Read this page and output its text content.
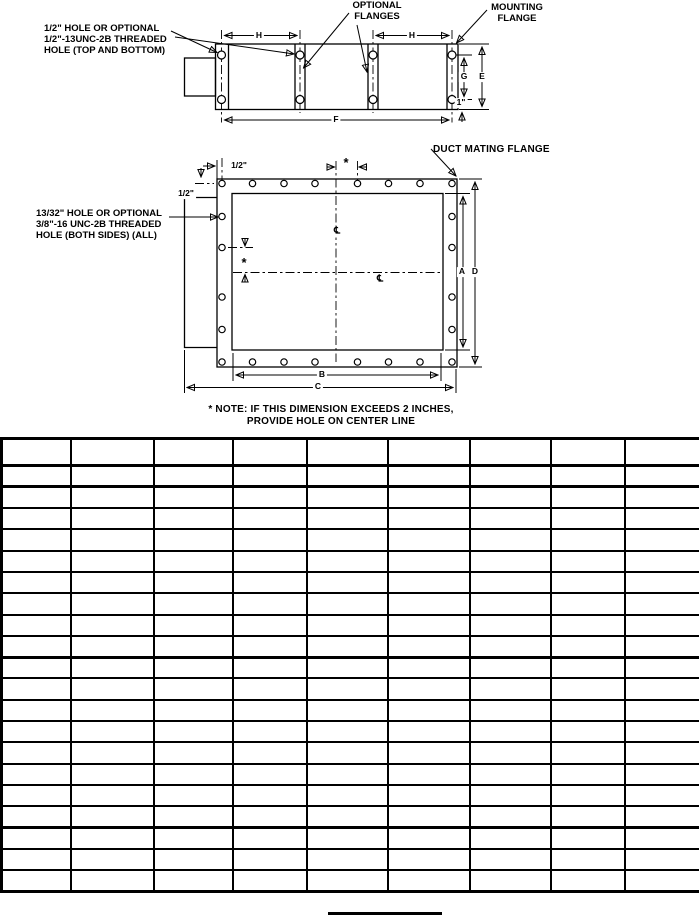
1/2" HOLE OR OPTIONAL
1/2"-13UNC-2B THREADED
HOLE (TOP AND BOTTOM)
OPTIONAL
FLANGES
MOUNTING
FLANGE
H	H
F
G E
1"
DUCT MATING FLANGE
13/32" HOLE OR OPTIONAL
3/8"-16 UNC-2B THREADED
HOLE (BOTH SIDES) (ALL)
1/2"
1/2"
*
*
℄
℄
A D
B
C
* NOTE: IF THIS DIMENSION EXCEEDS 2 INCHES,
PROVIDE HOLE ON CENTER LINE
